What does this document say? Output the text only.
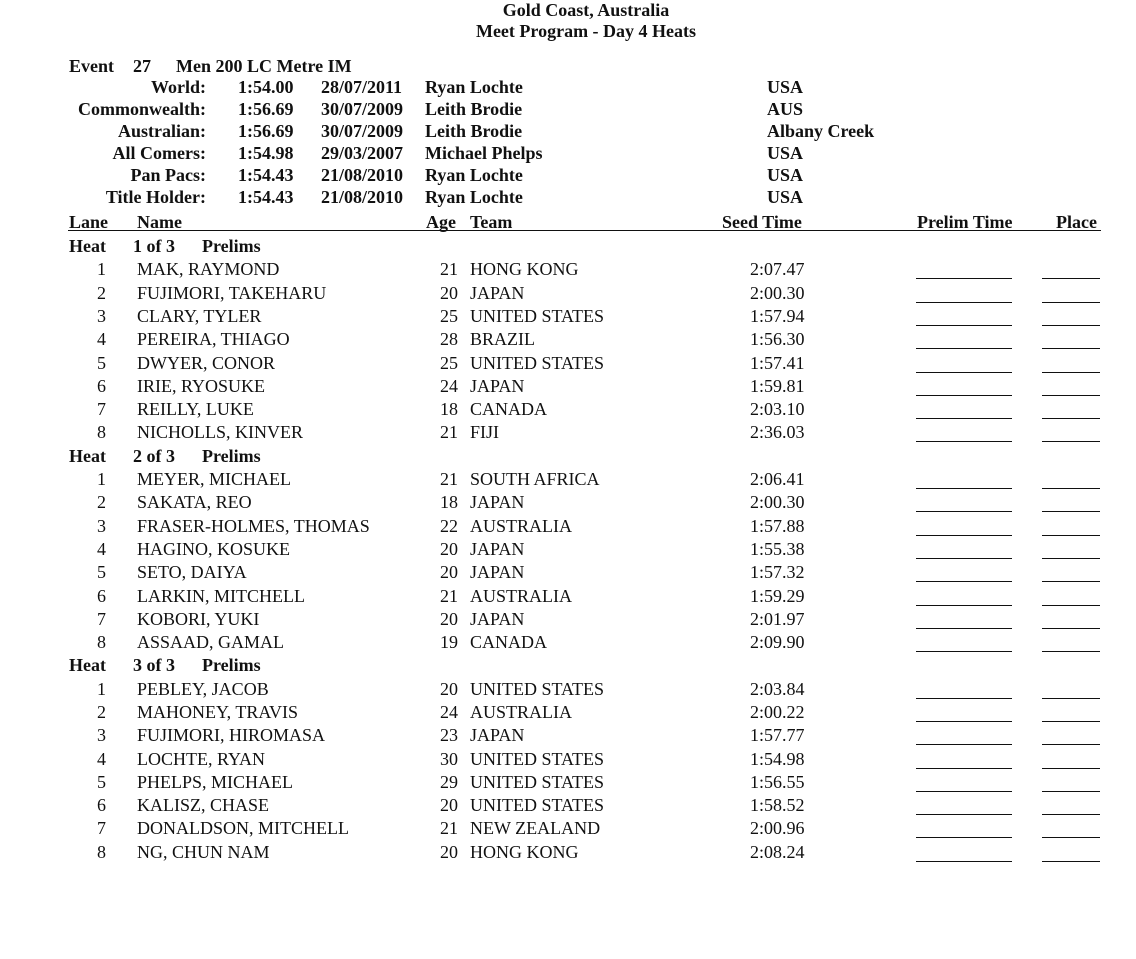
Gold Coast, Australia
Meet Program - Day 4 Heats
Event 27 Men 200 LC Metre IM
World: 1:54.00 28/07/2011 Ryan Lochte	USA
Commonwealth: 1:56.69 30/07/2009 Leith Brodie	AUS
Australian: 1:56.69 30/07/2009 Leith Brodie	Albany Creek
All Comers: 1:54.98 29/03/2007 Michael Phelps	USA
Pan Pacs: 1:54.43 21/08/2010 Ryan Lochte	USA
Title Holder: 1:54.43 21/08/2010 Ryan Lochte	USA
Lane Name	Age Team	Seed Time	Prelim Time Place
Heat 1 of 3 Prelims
1 MAK, RAYMOND	21 HONG KONG	2:07.47
2 FUJIMORI, TAKEHARU	20 JAPAN	2:00.30
3 CLARY, TYLER	25 UNITED STATES	1:57.94
4 PEREIRA, THIAGO	28 BRAZIL	1:56.30
5 DWYER, CONOR	25 UNITED STATES	1:57.41
6 IRIE, RYOSUKE	24 JAPAN	1:59.81
7 REILLY, LUKE	18 CANADA	2:03.10
8 NICHOLLS, KINVER	21 FIJI	2:36.03
Heat 2 of 3 Prelims
1 MEYER, MICHAEL	21 SOUTH AFRICA	2:06.41
2 SAKATA, REO	18 JAPAN	2:00.30
3 FRASER-HOLMES, THOMAS	22 AUSTRALIA	1:57.88
4 HAGINO, KOSUKE	20 JAPAN	1:55.38
5 SETO, DAIYA	20 JAPAN	1:57.32
6 LARKIN, MITCHELL	21 AUSTRALIA	1:59.29
7 KOBORI, YUKI	20 JAPAN	2:01.97
8 ASSAAD, GAMAL	19 CANADA	2:09.90
Heat 3 of 3 Prelims
1 PEBLEY, JACOB	20 UNITED STATES	2:03.84
2 MAHONEY, TRAVIS	24 AUSTRALIA	2:00.22
3 FUJIMORI, HIROMASA	23 JAPAN	1:57.77
4 LOCHTE, RYAN	30 UNITED STATES	1:54.98
5 PHELPS, MICHAEL	29 UNITED STATES	1:56.55
6 KALISZ, CHASE	20 UNITED STATES	1:58.52
7 DONALDSON, MITCHELL	21 NEW ZEALAND	2:00.96
8 NG, CHUN NAM	20 HONG KONG	2:08.24
